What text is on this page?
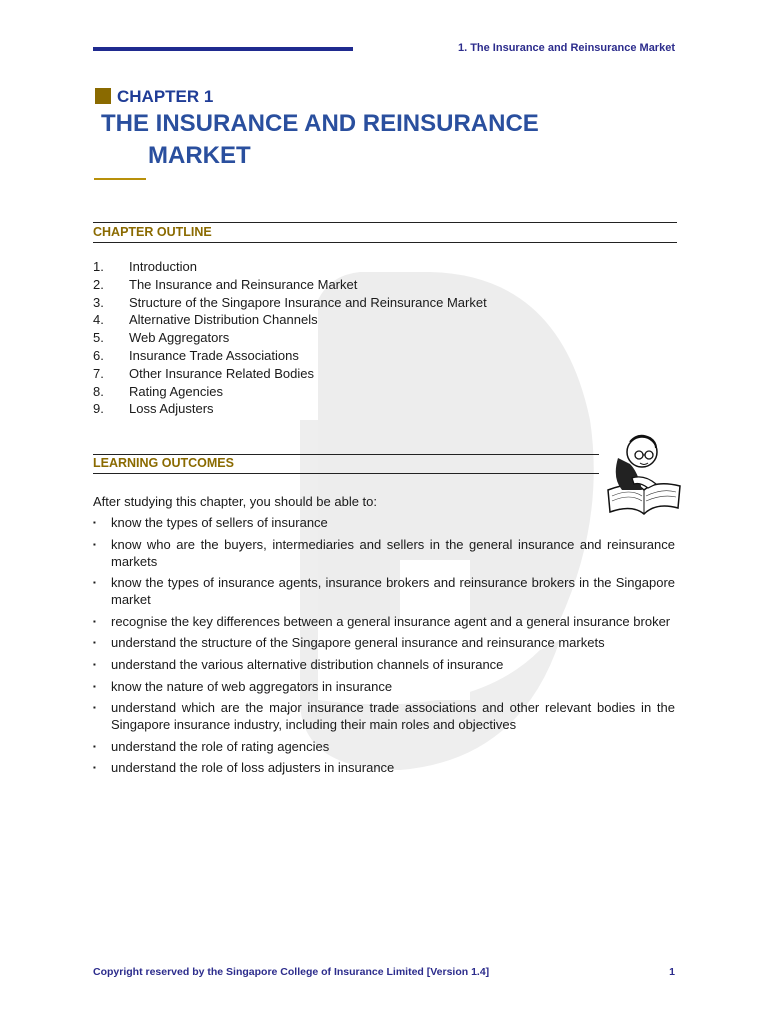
1. The Insurance and Reinsurance Market
CHAPTER 1
THE INSURANCE AND REINSURANCE
MARKET
CHAPTER OUTLINE
1.	Introduction
2.	The Insurance and Reinsurance Market
3.	Structure of the Singapore Insurance and Reinsurance Market
4.	Alternative Distribution Channels
5.	Web Aggregators
6.	Insurance Trade Associations
7.	Other Insurance Related Bodies
8.	Rating Agencies
9.	Loss Adjusters
LEARNING OUTCOMES
After studying this chapter, you should be able to:
▪	know the types of sellers of insurance
▪	know who are the buyers, intermediaries and sellers in the general insurance and reinsurance markets
▪	know the types of insurance agents, insurance brokers and reinsurance brokers in the Singapore market
▪	recognise the key differences between a general insurance agent and a general insurance broker
▪	understand the structure of the Singapore general insurance and reinsurance markets
▪	understand the various alternative distribution channels of insurance
▪	know the nature of web aggregators in insurance
▪	understand which are the major insurance trade associations and other relevant bodies in the Singapore insurance industry, including their main roles and objectives
▪	understand the role of rating agencies
▪	understand the role of loss adjusters in insurance
Copyright reserved by the Singapore College of Insurance Limited [Version 1.4]	1
